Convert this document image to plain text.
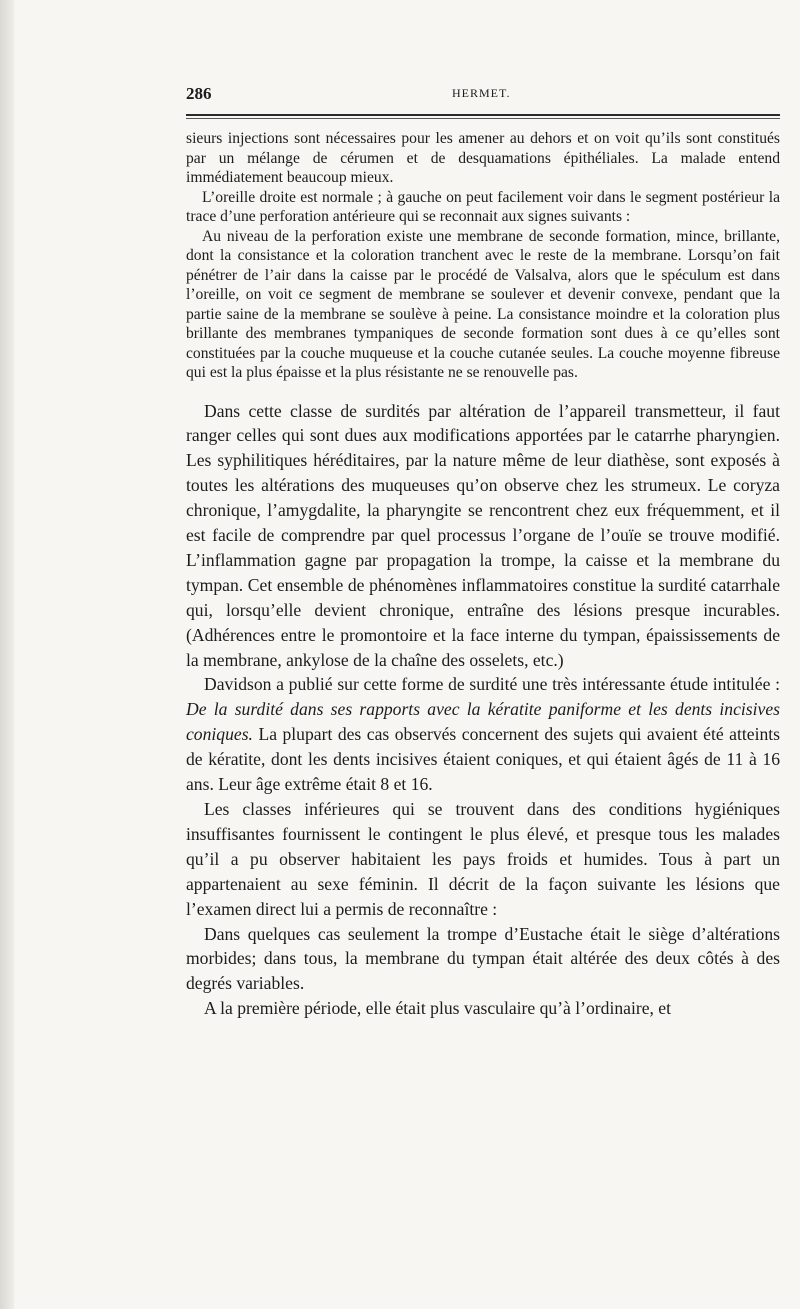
286	HERMET.

sieurs injections sont nécessaires pour les amener au dehors et on voit qu’ils sont constitués par un mélange de cérumen et de desquamations épithéliales. La malade entend immédiatement beaucoup mieux.

L’oreille droite est normale ; à gauche on peut facilement voir dans le segment postérieur la trace d’une perforation antérieure qui se reconnait aux signes suivants :

Au niveau de la perforation existe une membrane de seconde formation, mince, brillante, dont la consistance et la coloration tranchent avec le reste de la membrane. Lorsqu’on fait pénétrer de l’air dans la caisse par le procédé de Valsalva, alors que le spéculum est dans l’oreille, on voit ce segment de membrane se soulever et devenir convexe, pendant que la partie saine de la membrane se soulève à peine. La consistance moindre et la coloration plus brillante des membranes tympaniques de seconde formation sont dues à ce qu’elles sont constituées par la couche muqueuse et la couche cutanée seules. La couche moyenne fibreuse qui est la plus épaisse et la plus résistante ne se renouvelle pas.

Dans cette classe de surdités par altération de l’appareil transmetteur, il faut ranger celles qui sont dues aux modifications apportées par le catarrhe pharyngien. Les syphilitiques héréditaires, par la nature même de leur diathèse, sont exposés à toutes les altérations des muqueuses qu’on observe chez les strumeux. Le coryza chronique, l’amygdalite, la pharyngite se rencontrent chez eux fréquemment, et il est facile de comprendre par quel processus l’organe de l’ouïe se trouve modifié. L’inflammation gagne par propagation la trompe, la caisse et la membrane du tympan. Cet ensemble de phénomènes inflammatoires constitue la surdité catarrhale qui, lorsqu’elle devient chronique, entraîne des lésions presque incurables. (Adhérences entre le promontoire et la face interne du tympan, épaississements de la membrane, ankylose de la chaîne des osselets, etc.)

Davidson a publié sur cette forme de surdité une très intéressante étude intitulée : De la surdité dans ses rapports avec la kératite paniforme et les dents incisives coniques. La plupart des cas observés concernent des sujets qui avaient été atteints de kératite, dont les dents incisives étaient coniques, et qui étaient âgés de 11 à 16 ans. Leur âge extrême était 8 et 16.

Les classes inférieures qui se trouvent dans des conditions hygiéniques insuffisantes fournissent le contingent le plus élevé, et presque tous les malades qu’il a pu observer habitaient les pays froids et humides. Tous à part un appartenaient au sexe féminin. Il décrit de la façon suivante les lésions que l’examen direct lui a permis de reconnaître :

Dans quelques cas seulement la trompe d’Eustache était le siège d’altérations morbides; dans tous, la membrane du tympan était altérée des deux côtés à des degrés variables.

A la première période, elle était plus vasculaire qu’à l’ordinaire, et
